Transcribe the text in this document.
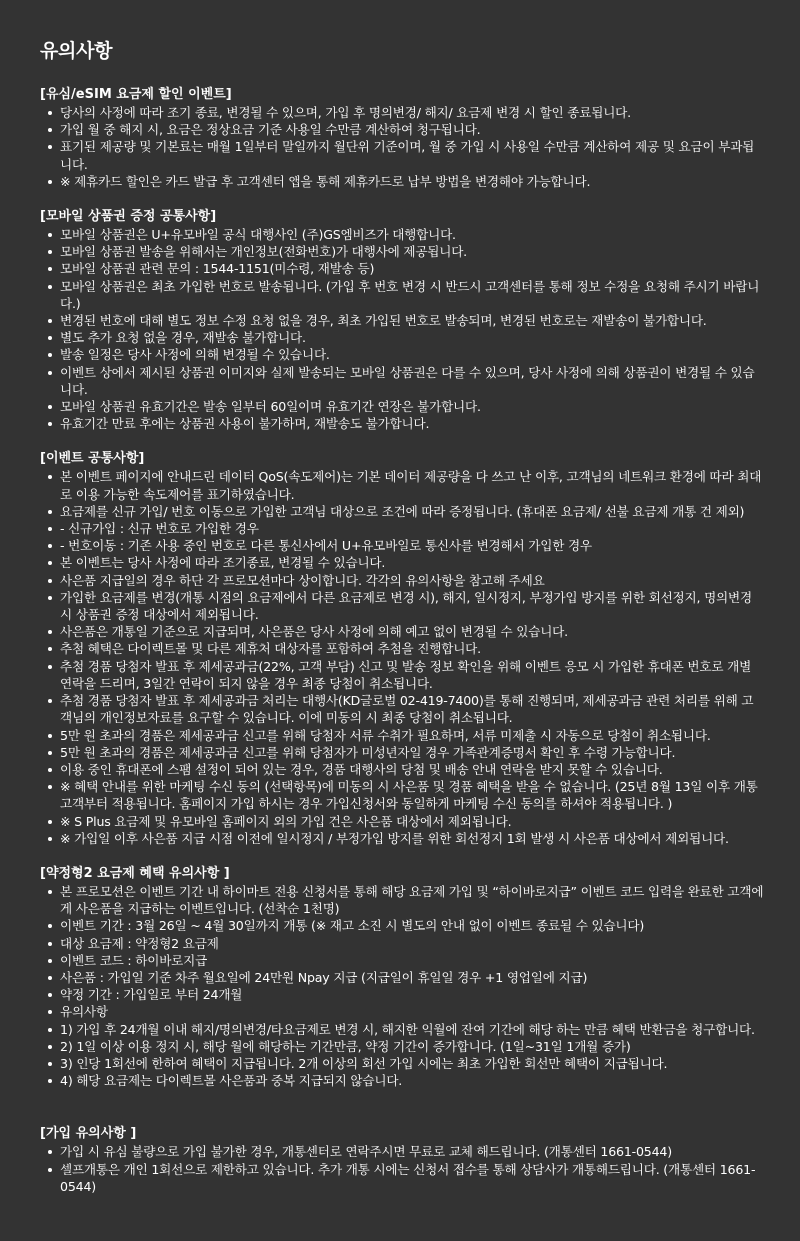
유의사항
[유심/eSIM 요금제 할인 이벤트]
당사의 사정에 따라 조기 종료, 변경될 수 있으며, 가입 후 명의변경/ 해지/ 요금제 변경 시 할인 종료됩니다.
가입 월 중 해지 시, 요금은 정상요금 기준 사용일 수만큼 계산하여 청구됩니다.
표기된 제공량 및 기본료는 매월 1일부터 말일까지 월단위 기준이며, 월 중 가입 시 사용일 수만큼 계산하여 제공 및 요금이 부과됩니다.
※ 제휴카드 할인은 카드 발급 후 고객센터 앱을 통해 제휴카드로 납부 방법을 변경해야 가능합니다.
[모바일 상품권 증정 공통사항]
모바일 상품권은 U+유모바일 공식 대행사인 (주)GS엠비즈가 대행합니다.
모바일 상품권 발송을 위해서는 개인정보(전화번호)가 대행사에 제공됩니다.
모바일 상품권 관련 문의 : 1544-1151(미수령, 재발송 등)
모바일 상품권은 최초 가입한 번호로 발송됩니다. (가입 후 번호 변경 시 반드시 고객센터를 통해 정보 수정을 요청해 주시기 바랍니다.)
변경된 번호에 대해 별도 정보 수정 요청 없을 경우, 최초 가입된 번호로 발송되며, 변경된 번호로는 재발송이 불가합니다.
별도 추가 요청 없을 경우, 재발송 불가합니다.
발송 일정은 당사 사정에 의해 변경될 수 있습니다.
이벤트 상에서 제시된 상품권 이미지와 실제 발송되는 모바일 상품권은 다를 수 있으며, 당사 사정에 의해 상품권이 변경될 수 있습니다.
모바일 상품권 유효기간은 발송 일부터 60일이며 유효기간 연장은 불가합니다.
유효기간 만료 후에는 상품권 사용이 불가하며, 재발송도 불가합니다.
[이벤트 공통사항]
본 이벤트 페이지에 안내드린 데이터 QoS(속도제어)는 기본 데이터 제공량을 다 쓰고 난 이후, 고객님의 네트워크 환경에 따라 최대로 이용 가능한 속도제어를 표기하였습니다.
요금제를 신규 가입/ 번호 이동으로 가입한 고객님 대상으로 조건에 따라 증정됩니다. (휴대폰 요금제/ 선불 요금제 개통 건 제외)
- 신규가입 : 신규 번호로 가입한 경우
- 번호이동 : 기존 사용 중인 번호로 다른 통신사에서 U+유모바일로 통신사를 변경해서 가입한 경우
본 이벤트는 당사 사정에 따라 조기종료, 변경될 수 있습니다.
사은품 지급일의 경우 하단 각 프로모션마다 상이합니다. 각각의 유의사항을 참고해 주세요
가입한 요금제를 변경(개통 시점의 요금제에서 다른 요금제로 변경 시), 해지, 일시정지, 부정가입 방지를 위한 회선정지, 명의변경 시 상품권 증정 대상에서 제외됩니다.
사은품은 개통일 기준으로 지급되며, 사은품은 당사 사정에 의해 예고 없이 변경될 수 있습니다.
추첨 혜택은 다이렉트몰 및 다른 제휴처 대상자를 포함하여 추첨을 진행합니다.
추첨 경품 당첨자 발표 후 제세공과금(22%, 고객 부담) 신고 및 발송 정보 확인을 위해 이벤트 응모 시 가입한 휴대폰 번호로 개별 연락을 드리며, 3일간 연락이 되지 않을 경우 최종 당첨이 취소됩니다.
추첨 경품 당첨자 발표 후 제세공과금 처리는 대행사(KD글로벌 02-419-7400)를 통해 진행되며, 제세공과금 관련 처리를 위해 고객님의 개인정보자료를 요구할 수 있습니다. 이에 미동의 시 최종 당첨이 취소됩니다.
5만 원 초과의 경품은 제세공과금 신고를 위해 당첨자 서류 수취가 필요하며, 서류 미제출 시 자동으로 당첨이 취소됩니다.
5만 원 초과의 경품은 제세공과금 신고를 위해 당첨자가 미성년자일 경우 가족관계증명서 확인 후 수령 가능합니다.
이용 중인 휴대폰에 스팸 설정이 되어 있는 경우, 경품 대행사의 당첨 및 배송 안내 연락을 받지 못할 수 있습니다.
※ 혜택 안내를 위한 마케팅 수신 동의 (선택항목)에 미동의 시 사은품 및 경품 혜택을 받을 수 없습니다. (25년 8월 13일 이후 개통 고객부터 적용됩니다. 홈페이지 가입 하시는 경우 가입신청서와 동일하게 마케팅 수신 동의를 하셔야 적용됩니다. )
※ S Plus 요금제 및 유모바일 홈페이지 외의 가입 건은 사은품 대상에서 제외됩니다.
※ 가입일 이후 사은품 지급 시점 이전에 일시정지 / 부정가입 방지를 위한 회선정지 1회 발생 시 사은품 대상에서 제외됩니다.
[약정형2 요금제 혜택 유의사항 ]
본 프로모션은 이벤트 기간 내 하이마트 전용 신청서를 통해 해당 요금제 가입 및 “하이바로지급” 이벤트 코드 입력을 완료한 고객에게 사은품을 지급하는 이벤트입니다. (선착순 1천명)
이벤트 기간 : 3월 26일 ~ 4월 30일까지 개통 (※ 재고 소진 시 별도의 안내 없이 이벤트 종료될 수 있습니다)
대상 요금제 : 약정형2 요금제
이벤트 코드 : 하이바로지급
사은품 : 가입일 기준 차주 월요일에 24만원 Npay 지급 (지급일이 휴일일 경우 +1 영업일에 지급)
약정 기간 : 가입일로 부터 24개월
유의사항
1) 가입 후 24개월 이내 해지/명의변경/타요금제로 변경 시, 해지한 익월에 잔여 기간에 해당 하는 만큼 혜택 반환금을 청구합니다.
2) 1일 이상 이용 정지 시, 해당 월에 해당하는 기간만큼, 약정 기간이 증가합니다. (1일~31일 1개월 증가)
3) 인당 1회선에 한하여 혜택이 지급됩니다. 2개 이상의 회선 가입 시에는 최초 가입한 회선만 혜택이 지급됩니다.
4) 해당 요금제는 다이렉트몰 사은품과 중복 지급되지 않습니다.
[가입 유의사항 ]
가입 시 유심 불량으로 가입 불가한 경우, 개통센터로 연락주시면 무료로 교체 해드립니다. (개통센터 1661-0544)
셀프개통은 개인 1회선으로 제한하고 있습니다. 추가 개통 시에는 신청서 접수를 통해 상담사가 개통해드립니다. (개통센터 1661-0544)
